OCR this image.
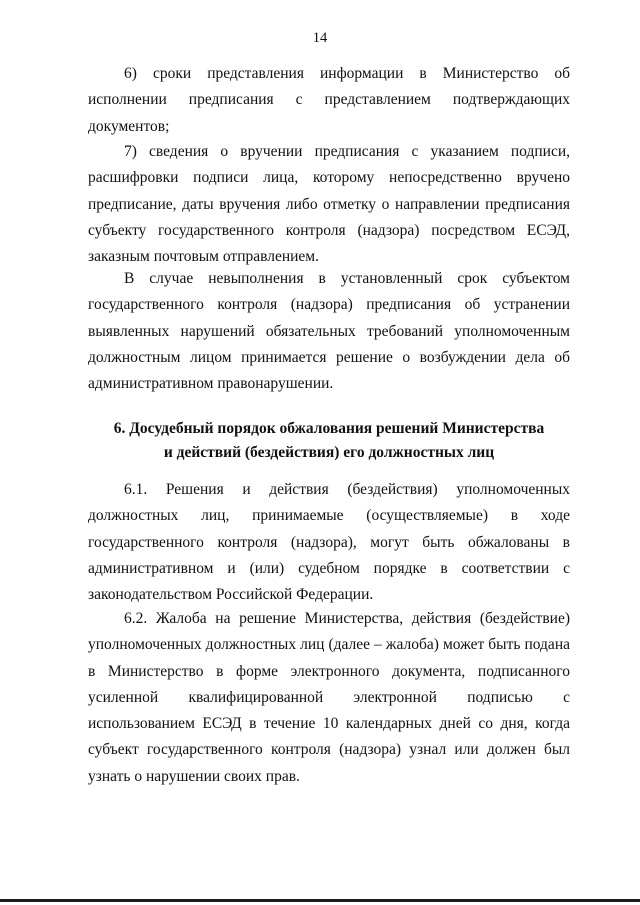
14

6) сроки представления информации в Министерство об исполнении предписания с представлением подтверждающих документов;

7) сведения о вручении предписания с указанием подписи, расшифровки подписи лица, которому непосредственно вручено предписание, даты вручения либо отметку о направлении предписания субъекту государственного контроля (надзора) посредством ЕСЭД, заказным почтовым отправлением.

В случае невыполнения в установленный срок субъектом государственного контроля (надзора) предписания об устранении выявленных нарушений обязательных требований уполномоченным должностным лицом принимается решение о возбуждении дела об административном правонарушении.

6. Досудебный порядок обжалования решений Министерства
и действий (бездействия) его должностных лиц

6.1. Решения и действия (бездействия) уполномоченных должностных лиц, принимаемые (осуществляемые) в ходе государственного контроля (надзора), могут быть обжалованы в административном и (или) судебном порядке в соответствии с законодательством Российской Федерации.

6.2. Жалоба на решение Министерства, действия (бездействие) уполномоченных должностных лиц (далее – жалоба) может быть подана в Министерство в форме электронного документа, подписанного усиленной квалифицированной электронной подписью с использованием ЕСЭД в течение 10 календарных дней со дня, когда субъект государственного контроля (надзора) узнал или должен был узнать о нарушении своих прав.
